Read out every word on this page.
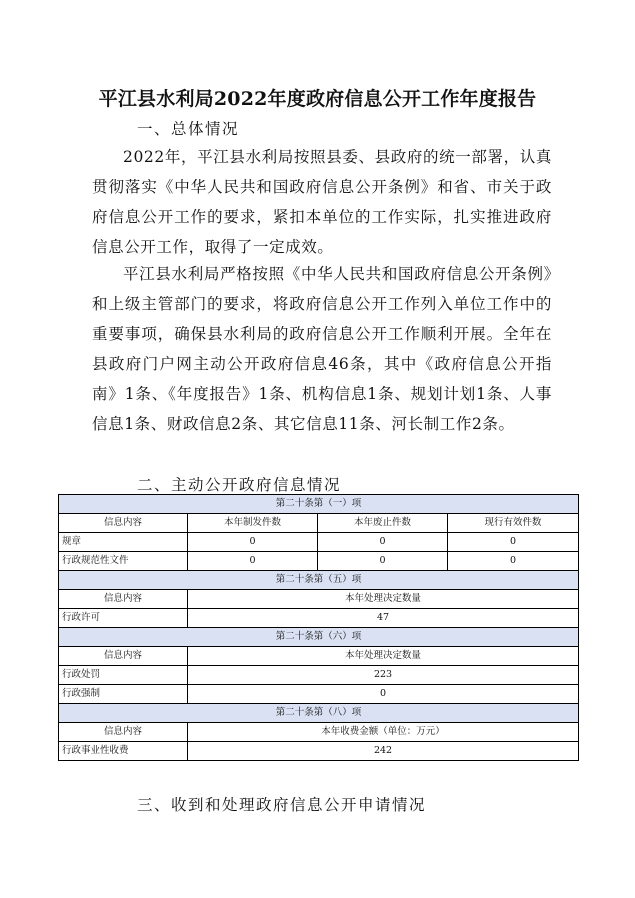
平江县水利局2022年度政府信息公开工作年度报告
一、总体情况

2022年，平江县水利局按照县委、县政府的统一部署，认真贯彻落实《中华人民共和国政府信息公开条例》和省、市关于政府信息公开工作的要求，紧扣本单位的工作实际，扎实推进政府信息公开工作，取得了一定成效。

平江县水利局严格按照《中华人民共和国政府信息公开条例》和上级主管部门的要求，将政府信息公开工作列入单位工作中的重要事项，确保县水利局的政府信息公开工作顺利开展。全年在县政府门户网主动公开政府信息46条，其中《政府信息公开指南》1条、《年度报告》1条、机构信息1条、规划计划1条、人事信息1条、财政信息2条、其它信息11条、河长制工作2条。

二、主动公开政府信息情况
第二十条第（一）项			
信息内容	本年制发件数	本年废止件数	现行有效件数
规章	0	0	0
行政规范性文件	0	0	0
第二十条第（五）项			
信息内容	本年处理决定数量		
行政许可	47		
第二十条第（六）项			
信息内容	本年处理决定数量		
行政处罚	223		
行政强制	0		
第二十条第（八）项			
信息内容	本年收费金额（单位：万元）		
行政事业性收费	242		
三、收到和处理政府信息公开申请情况
